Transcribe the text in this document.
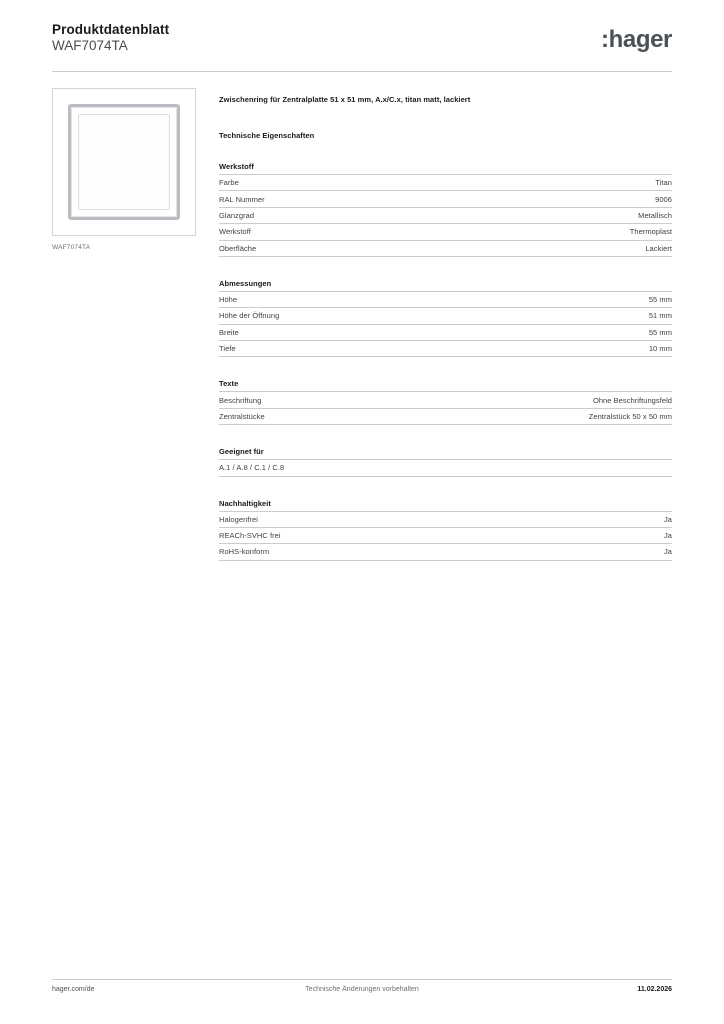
Produktdatenblatt
WAF7074TA	:hager
WAF7074TA
Zwischenring für Zentralplatte 51 x 51 mm, A.x/C.x, titan matt, lackiert
Technische Eigenschaften
Werkstoff
Farbe	Titan
RAL Nummer	9006
Glanzgrad	Metallisch
Werkstoff	Thermoplast
Oberfläche	Lackiert
Abmessungen
Höhe	55 mm
Höhe der Öffnung	51 mm
Breite	55 mm
Tiefe	10 mm
Texte
Beschriftung	Ohne Beschriftungsfeld
Zentralstücke	Zentralstück 50 x 50 mm
Geeignet für
A.1 / A.8 / C.1 / C.8	
Nachhaltigkeit
Halogenfrei	Ja
REACh-SVHC frei	Ja
RoHS-konform	Ja
hager.com/de	Technische Änderungen vorbehalten	11.02.2026
